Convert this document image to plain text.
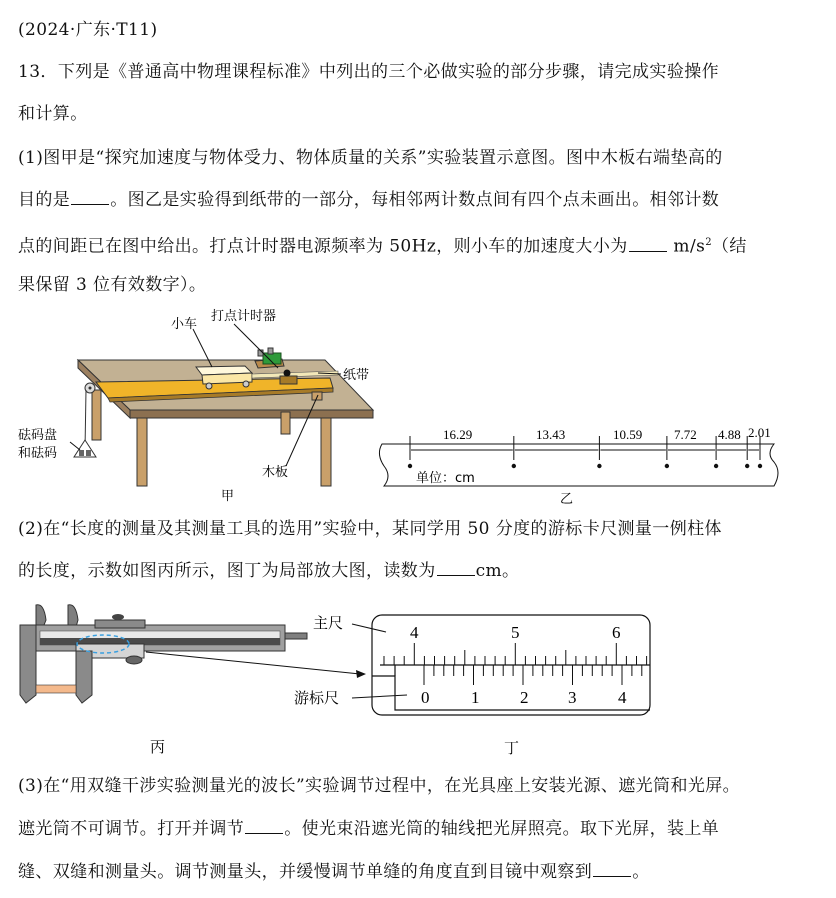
(2024·广东·T11)
13．下列是《普通高中物理课程标准》中列出的三个必做实验的部分步骤，请完成实验操作
和计算。
(1)图甲是“探究加速度与物体受力、物体质量的关系”实验装置示意图。图中木板右端垫高的
目的是 。图乙是实验得到纸带的一部分，每相邻两计数点间有四个点未画出。相邻计数
点的间距已在图中给出。打点计时器电源频率为 50Hz，则小车的加速度大小为 $m/s^2$（结
果保留 3 位有效数字）。
小车
打点计时器
纸带
砝码盘
和砝码
木板
甲
单位：cm
乙
16.29	13.43	10.59 7.72 4.88 2.01
(2)在“长度的测量及其测量工具的选用”实验中，某同学用 50 分度的游标卡尺测量一例柱体
的长度，示数如图丙所示，图丁为局部放大图，读数为 cm。
丙
4	5	6
0 1 2 3 4
主尺
游标尺
丁
(3)在“用双缝干涉实验测量光的波长”实验调节过程中，在光具座上安装光源、遮光筒和光屏。
遮光筒不可调节。打开并调节 。使光束沿遮光筒的轴线把光屏照亮。取下光屏，装上单
缝、双缝和测量头。调节测量头，并缓慢调节单缝的角度直到目镜中观察到 。
